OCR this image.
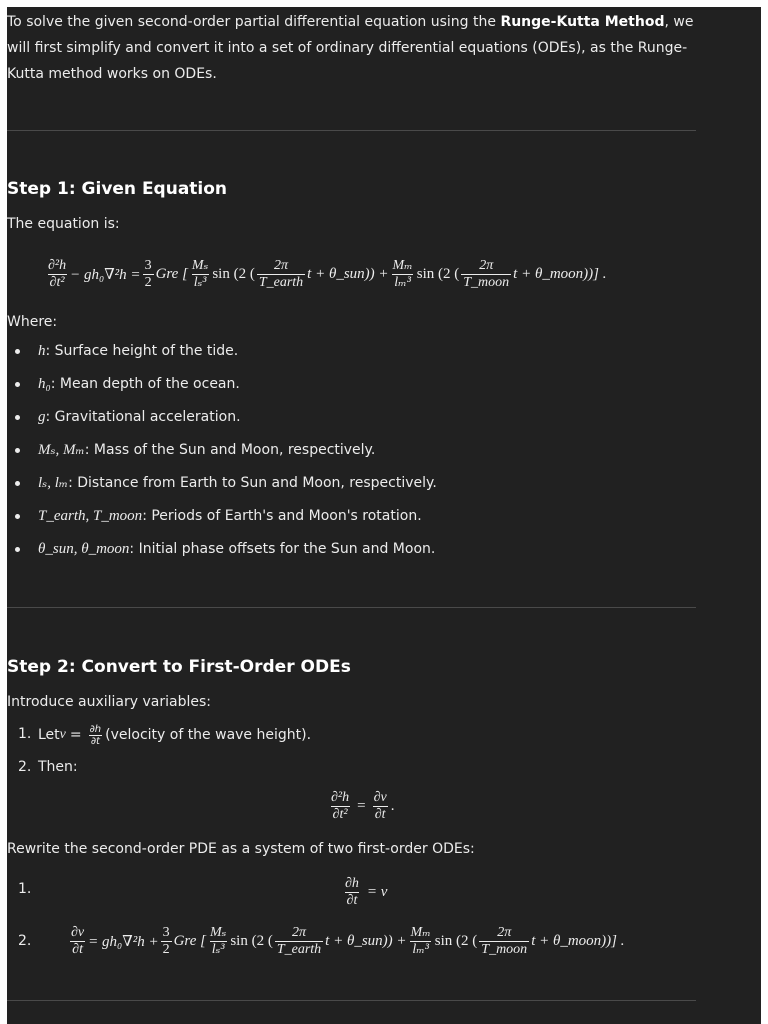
To solve the given second-order partial differential equation using the Runge-Kutta Method, we will first simplify and convert it into a set of ordinary differential equations (ODEs), as the Runge-Kutta method works on ODEs.

Step 1: Given Equation

The equation is:

$\frac{\text{∂²h}}{\text{∂t²}} - gh_0\nabla^2h = \frac{3}{2}$ Gre [ $\frac{\text{Mₛ}}{\text{lₛ³}}$ sin (2 ( $\frac{2\pi}{\text{T\_earth}}$ t + θ_sun)) + $\frac{\text{Mₘ}}{\text{lₘ³}}$ sin (2 ( $\frac{2\pi}{\text{T\_moon}}$ t + θ_moon))] .

Where:

h: Surface height of the tide.
h₀: Mean depth of the ocean.
g: Gravitational acceleration.
Mₛ, Mₘ: Mass of the Sun and Moon, respectively.
lₛ, lₘ: Distance from Earth to Sun and Moon, respectively.
T_earth, T_moon: Periods of Earth's and Moon's rotation.
θ_sun, θ_moon: Initial phase offsets for the Sun and Moon.
Step 2: Convert to First-Order ODEs

Introduce auxiliary variables:

1. Let $v = \frac{\partial h}{\partial t}$ (velocity of the wave height).
2. Then:
$\frac{\text{∂²h}}{\text{∂t²}} = \frac{\partial v}{\partial t}$ .

Rewrite the second-order PDE as a system of two first-order ODEs:

1.	$\frac{\partial h}{\partial t} = v$
2.	$\frac{\partial v}{\partial t} = gh_0\nabla^2h + \frac{3}{2}$ Gre [ $\frac{\text{Mₛ}}{\text{lₛ³}}$ sin (2 ( $\frac{2\pi}{\text{T\_earth}}$ t + θ_sun)) + $\frac{\text{Mₘ}}{\text{lₘ³}}$ sin (2 ( $\frac{2\pi}{\text{T\_moon}}$ t + θ_moon))] .
